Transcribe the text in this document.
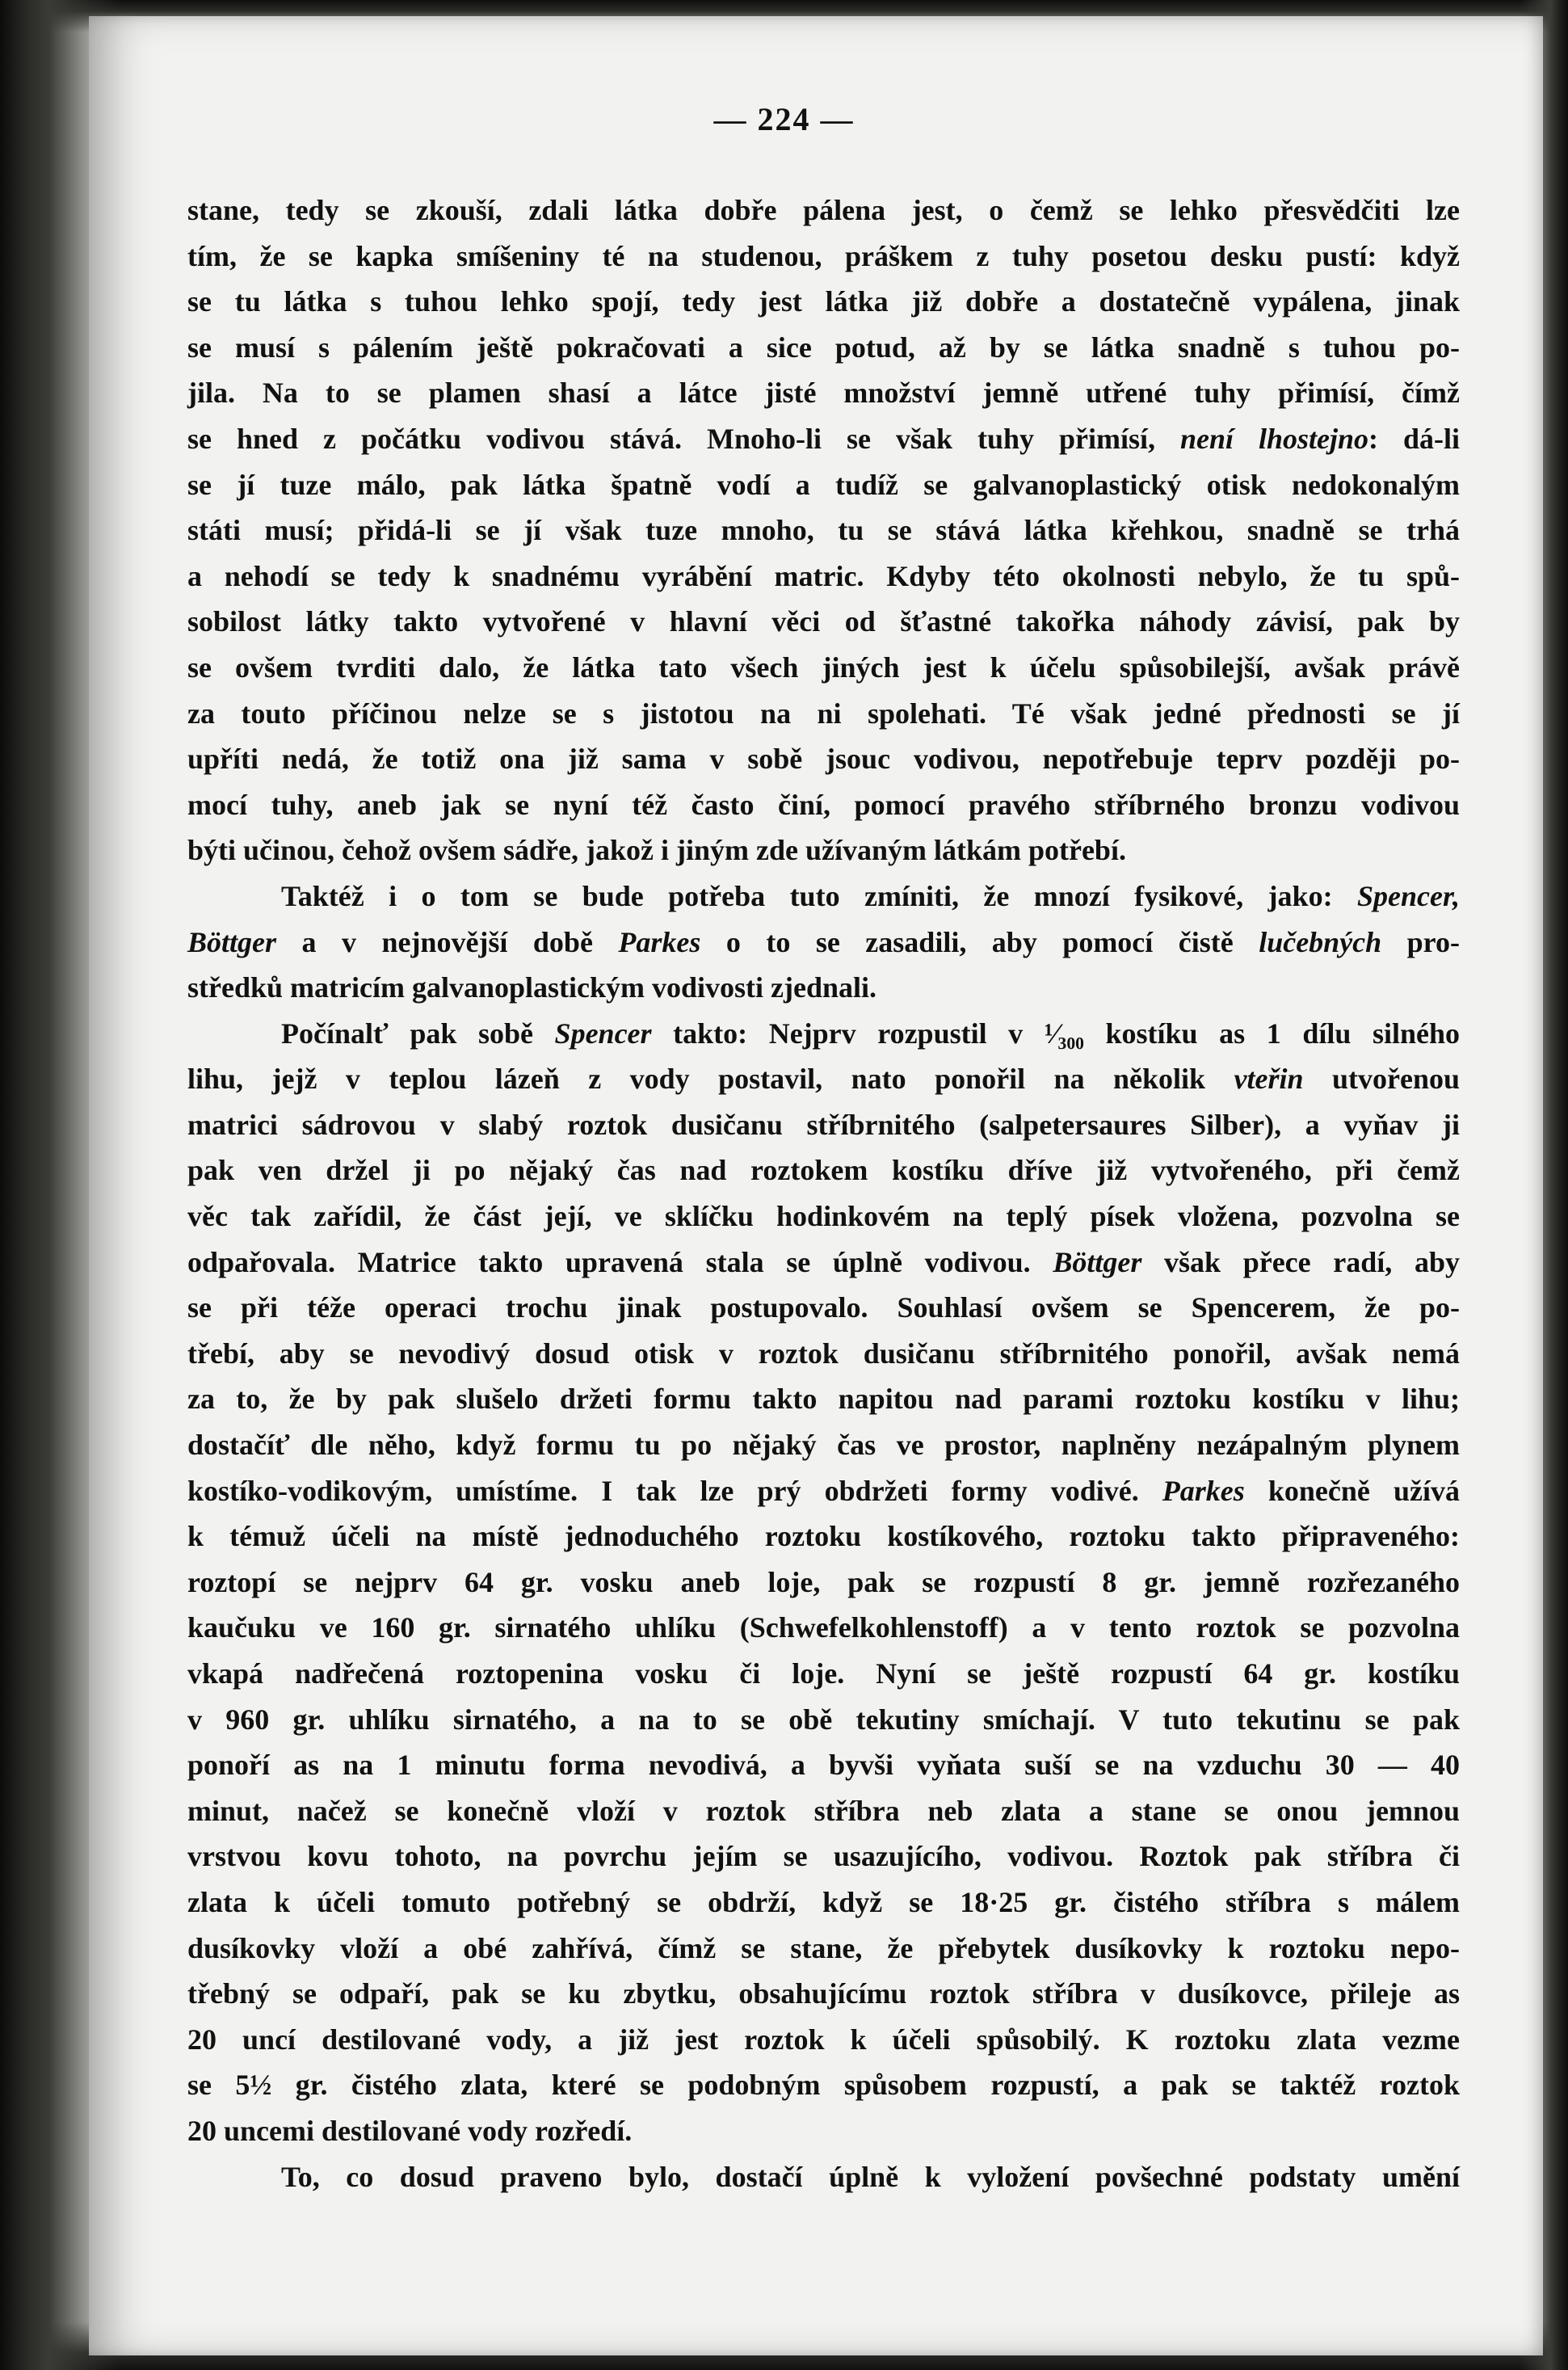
— 224 —
stane, tedy se zkouší, zdali látka dobře pálena jest, o čemž se lehko přesvědčiti lze
tím, že se kapka smíšeniny té na studenou, práškem z tuhy posetou desku pustí: když
se tu látka s tuhou lehko spojí, tedy jest látka již dobře a dostatečně vypálena, jinak
se musí s pálením ještě pokračovati a sice potud, až by se látka snadně s tuhou po-
jila. Na to se plamen shasí a látce jisté množství jemně utřené tuhy přimísí, čímž
se hned z počátku vodivou stává. Mnoho-li se však tuhy přimísí, není lhostejno: dá-li
se jí tuze málo, pak látka špatně vodí a tudíž se galvanoplastický otisk nedokonalým
státi musí; přidá-li se jí však tuze mnoho, tu se stává látka křehkou, snadně se trhá
a nehodí se tedy k snadnému vyrábění matric. Kdyby této okolnosti nebylo, že tu spů-
sobilost látky takto vytvořené v hlavní věci od šťastné takořka náhody závisí, pak by
se ovšem tvrditi dalo, že látka tato všech jiných jest k účelu spůsobilejší, avšak právě
za touto příčinou nelze se s jistotou na ni spolehati. Té však jedné přednosti se jí
upříti nedá, že totiž ona již sama v sobě jsouc vodivou, nepotřebuje teprv později po-
mocí tuhy, aneb jak se nyní též často činí, pomocí pravého stříbrného bronzu vodivou
býti učinou, čehož ovšem sádře, jakož i jiným zde užívaným látkám potřebí.
Taktéž i o tom se bude potřeba tuto zmíniti, že mnozí fysikové, jako: Spencer,
Böttger a v nejnovější době Parkes o to se zasadili, aby pomocí čistě lučebných pro-
středků matricím galvanoplastickým vodivosti zjednali.
Počínalť pak sobě Spencer takto: Nejprv rozpustil v ¹⁄₃₀₀ kostíku as 1 dílu silného
lihu, jejž v teplou lázeň z vody postavil, nato ponořil na několik vteřin utvořenou
matrici sádrovou v slabý roztok dusičanu stříbrnitého (salpetersaures Silber), a vyňav ji
pak ven držel ji po nějaký čas nad roztokem kostíku dříve již vytvořeného, při čemž
věc tak zařídil, že část její, ve sklíčku hodinkovém na teplý písek vložena, pozvolna se
odpařovala. Matrice takto upravená stala se úplně vodivou. Böttger však přece radí, aby
se při téže operaci trochu jinak postupovalo. Souhlasí ovšem se Spencerem, že po-
třebí, aby se nevodivý dosud otisk v roztok dusičanu stříbrnitého ponořil, avšak nemá
za to, že by pak slušelo držeti formu takto napitou nad parami roztoku kostíku v lihu;
dostačíť dle něho, když formu tu po nějaký čas ve prostor, naplněny nezápalným plynem
kostíko-vodikovým, umístíme. I tak lze prý obdržeti formy vodivé. Parkes konečně užívá
k témuž účeli na místě jednoduchého roztoku kostíkového, roztoku takto připraveného:
roztopí se nejprv 64 gr. vosku aneb loje, pak se rozpustí 8 gr. jemně rozřezaného
kaučuku ve 160 gr. sirnatého uhlíku (Schwefelkohlenstoff) a v tento roztok se pozvolna
vkapá nadřečená roztopenina vosku či loje. Nyní se ještě rozpustí 64 gr. kostíku
v 960 gr. uhlíku sirnatého, a na to se obě tekutiny smíchají. V tuto tekutinu se pak
ponoří as na 1 minutu forma nevodivá, a byvši vyňata suší se na vzduchu 30 — 40
minut, načež se konečně vloží v roztok stříbra neb zlata a stane se onou jemnou
vrstvou kovu tohoto, na povrchu jejím se usazujícího, vodivou. Roztok pak stříbra či
zlata k účeli tomuto potřebný se obdrží, když se 18·25 gr. čistého stříbra s málem
dusíkovky vloží a obé zahřívá, čímž se stane, že přebytek dusíkovky k roztoku nepo-
třebný se odpaří, pak se ku zbytku, obsahujícímu roztok stříbra v dusíkovce, přileje as
20 uncí destilované vody, a již jest roztok k účeli spůsobilý. K roztoku zlata vezme
se 5½ gr. čistého zlata, které se podobným spůsobem rozpustí, a pak se taktéž roztok
20 uncemi destilované vody rozředí.
To, co dosud praveno bylo, dostačí úplně k vyložení povšechné podstaty umění
